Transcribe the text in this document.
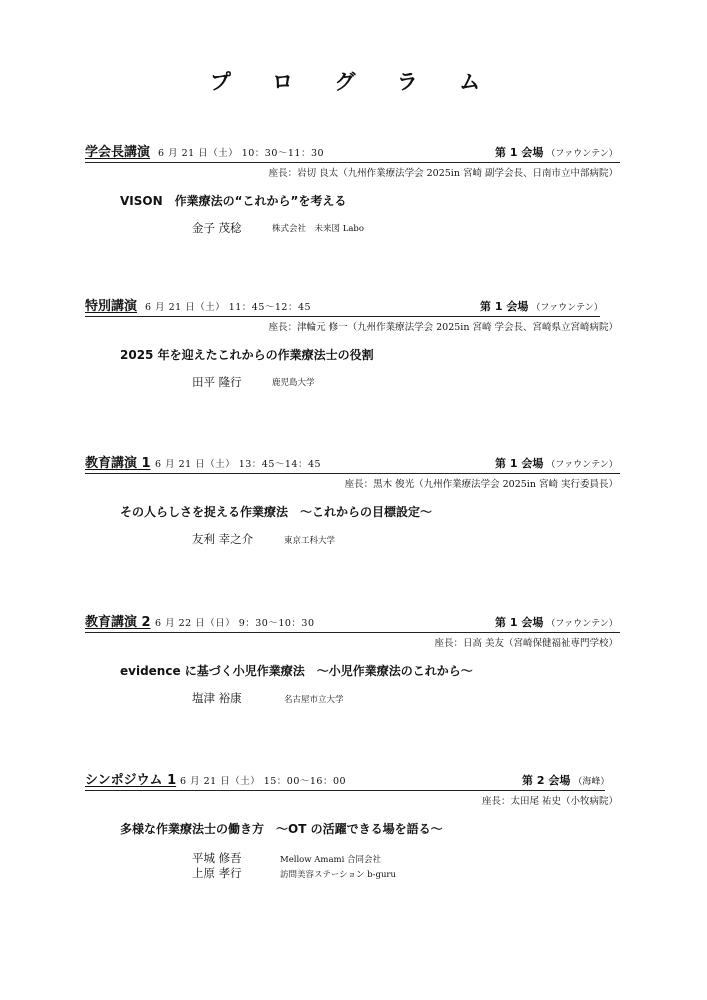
プ ロ グ ラ ム
学会長講演 6 月 21 日（土） 10：30〜11：30	第 1 会場 （ファウンテン）
座長：岩切 良太（九州作業療法学会 2025in 宮崎 副学会長、日南市立中部病院）
VISON　作業療法の“これから”を考える
金子 茂稔	株式会社　未来図 Labo
特別講演 6 月 21 日（土） 11：45〜12：45	第 1 会場 （ファウンテン）
座長：津輪元 修一（九州作業療法学会 2025in 宮崎 学会長、宮崎県立宮崎病院）
2025 年を迎えたこれからの作業療法士の役割
田平 隆行	鹿児島大学
教育講演 1 6 月 21 日（土） 13：45〜14：45	第 1 会場 （ファウンテン）
座長：黒木 俊光（九州作業療法学会 2025in 宮崎 実行委員長）
その人らしさを捉える作業療法　〜これからの目標設定〜
友利 幸之介	東京工科大学
教育講演 2 6 月 22 日（日） 9：30〜10：30	第 1 会場 （ファウンテン）
座長：日高 美友（宮崎保健福祉専門学校）
evidence に基づく小児作業療法　〜小児作業療法のこれから〜
塩津 裕康	名古屋市立大学
シンポジウム 1 6 月 21 日（土） 15：00〜16：00	第 2 会場 （海峰）
座長：太田尾 祐史（小牧病院）
多様な作業療法士の働き方　〜OT の活躍できる場を語る〜
平城 修吾	Mellow Amami 合同会社
上原 孝行	訪問美容ステーション b-guru
